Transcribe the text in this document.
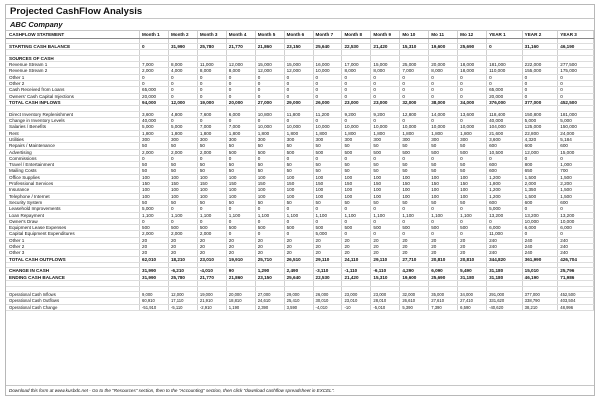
Projected CashFlow Analysis
ABC Company
CASHFLOW STATEMENT	Month 1	Month 2	Month 3	Month 4	Month 5	Month 6	Month 7	Month 8	Month 9	Mo 10	Mo 11	Mo 12	YEAR 1	YEAR 2	YEAR 3

STARTING CASH BALANCE	0	31,990	25,780	21,770	21,860	23,150	25,640	22,530	21,420	15,310	19,600	25,690	0	31,160	46,190

SOURCES OF CASH															
Revenue Stream 1	7,000	8,000	11,000	12,000	15,000	15,000	16,000	17,000	15,000	25,000	20,000	18,000	181,000	222,000	277,500
Revenue Stream 2	2,000	4,000	8,000	8,000	12,000	12,000	10,000	8,000	8,000	7,000	8,000	18,000	110,000	155,000	175,000
Other 1	0	0	0	0	0	0	0	0	0	0	0	0	0	0	0
Other 2	0	0	0	0	0	0	0	0	0	0	0	0	0	0	0
Cash Received from Loans	65,000	0	0	0	0	0	0	0	0	0	0	0	65,000	0	0
Owners' Cash Capital Injections	20,000	0	0	0	0	0	0	0	0	0	0	0	20,000	0	0
TOTAL CASH INFLOWS	94,000	12,000	19,000	20,000	27,000	29,000	26,000	23,000	23,000	32,000	38,000	34,000	376,000	377,000	452,500

Direct Inventory Replenishment	3,600	4,800	7,600	6,000	10,800	11,800	11,200	9,200	9,200	12,800	14,000	13,600	118,400	150,800	181,000
Change in Inventory Levels	40,000	0	0	0	0	0	0	0	0	0	0	0	40,000	5,000	5,000
Salaries / Benefits	5,000	5,000	7,000	7,000	10,000	10,000	10,000	10,000	10,000	10,000	10,000	10,000	104,000	125,000	150,000
Rent	1,800	1,800	1,800	1,800	1,800	1,800	1,800	1,800	1,800	1,800	1,800	1,800	21,600	22,800	24,000
Utilities	300	300	300	300	300	300	300	300	300	300	300	300	3,600	4,320	5,184
Repairs / Maintenance	50	50	50	50	50	50	50	50	50	50	50	50	600	600	600
Advertising	2,000	2,000	2,000	500	500	500	500	500	500	500	500	500	10,500	12,000	15,000
Commissions	0	0	0	0	0	0	0	0	0	0	0	0	0	0	0
Travel / Entertainment	50	50	50	50	50	50	50	50	50	50	50	50	600	800	1,000
Mailing Costs	50	50	50	50	50	50	50	50	50	50	50	50	600	650	700
Office Supplies	100	100	100	100	100	100	100	100	100	100	100	100	1,200	1,500	1,500
Professional Services	150	150	150	150	150	150	150	150	150	150	150	150	1,800	2,000	2,200
Insurance	100	100	100	100	100	100	100	100	100	100	100	100	1,200	1,350	1,500
Telephone / Internet	100	100	100	100	100	100	100	100	100	100	100	100	1,200	1,500	1,500
Security System	50	50	50	50	50	50	50	50	50	50	50	50	600	600	600
Leasehold Improvements	5,000	0	0	0	0	0	0	0	0	0	0	0	5,000	0	0
Loan Repayment	1,100	1,100	1,100	1,100	1,100	1,100	1,100	1,100	1,100	1,100	1,100	1,100	13,200	13,200	13,200
Owner's Draw	0	0	0	0	0	0	0	0	0	0	0	0	0	10,000	10,000
Equipment Lease Expenses	500	500	500	500	500	500	500	500	500	500	500	500	6,000	6,000	6,000
Capital Equipment Expenditures	2,000	2,000	2,000	0	0	0	5,000	0	0	0	0	0	11,000	0	0
Other 1	20	20	20	20	20	20	20	20	20	20	20	20	240	240	240
Other 2	20	20	20	20	20	20	20	20	20	20	20	20	240	240	240
Other 3	20	20	20	20	20	20	20	20	20	20	20	20	240	240	240
TOTAL CASH OUTFLOWS	62,010	18,210	23,010	19,910	25,710	26,510	29,110	24,110	29,110	27,710	20,810	20,810	344,820	361,990	426,704

CHANGE IN CASH	31,990	-6,210	-4,010	90	1,290	2,490	-3,110	-1,110	-6,110	4,290	6,090	5,490	31,180	15,010	25,796
ENDING CASH BALANCE	31,990	25,780	21,770	21,860	23,150	25,640	22,530	21,420	15,310	19,600	25,690	31,180	31,180	46,190	71,986

Operational Cash Inflows	9,000	12,000	19,000	20,000	27,000	29,000	26,000	23,000	23,000	32,000	35,000	34,000	291,000	377,000	452,500
Operational Cash Outflows	60,910	17,110	21,910	18,810	24,610	25,410	30,010	23,010	28,010	26,610	27,610	27,410	331,620	338,790	403,504
Operational Cash Change	-51,910	-5,110	-2,910	1,190	2,390	3,590	-4,010	-10	-5,010	5,390	7,390	6,590	-40,620	38,210	48,996
Download this form at www.kusbdc.net - Go to the "Resources" section, then to the "Accounting" section, then click "download cashflow spreadsheet in EXCEL".
